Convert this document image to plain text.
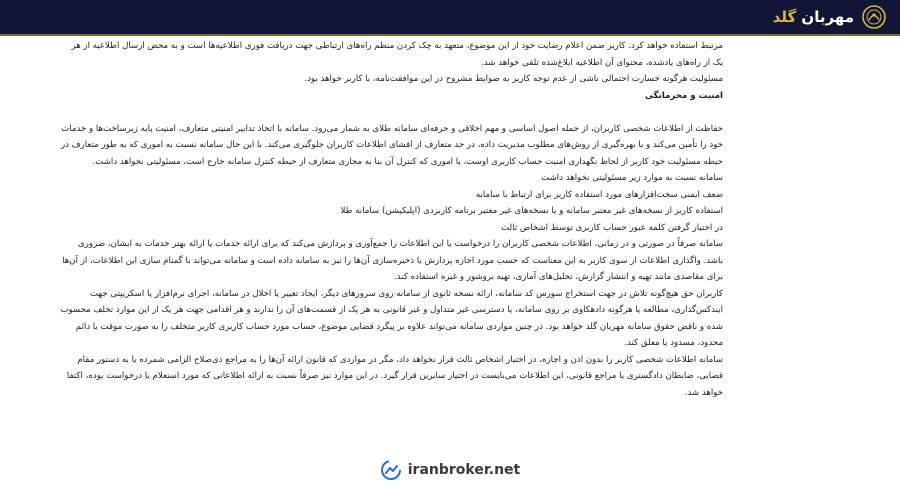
مهربان گلد

مرتبط استفاده خواهد کرد. کاربر ضمن اعلام رضایت خود از این موضوع، متعهد به چک کردن منظم راه‌های ارتباطی جهت دریافت فوری اطلاعیه‌ها است و به محض ارسال اطلاعیه از هر یک از راه‌های یادشده، محتوای آن اطلاعیه ابلاغ‌شده تلقی خواهد شد.

مسئولیت هرگونه خسارت احتمالی ناشی از عدم توجه کاربر به ضوابط مشروح در این موافقت‌نامه، با کاربر خواهد بود.

امنیت و محرمانگی

حفاظت از اطلاعات شخصی کاربران، از جمله اصول اساسی و مهم اخلاقی و حرفه‌ای سامانه طلای به شمار می‌رود. سامانه با اتخاذ تدابیر امنیتی متعارف، امنیت پایه زیرساخت‌ها و خدمات خود را تأمین می‌کند و با بهره‌گیری از روش‌های مطلوب مدیریت داده، در حد متعارف از افشای اطلاعات کاربران جلوگیری می‌کند. با این حال سامانه نسبت به اموری که به طور متعارف در حیطه مسئولیت خود کاربر از لحاظ نگهداری امنیت حساب کاربری اوست، یا اموری که کنترل آن بنا به مجاری متعارف از حیطه کنترل سامانه خارج است، مسئولیتی نخواهد داشت.

سامانه نسبت به موارد زیر مسئولیتی نخواهد داشت

ضعف ایمنی سخت‌افزارهای مورد استفاده کاربر برای ارتباط با سامانه

استفاده کاربر از نسخه‌های غیر معتبر سامانه و یا نسخه‌های غیر معتبر برنامه کاربردی (اپلیکیشن) سامانه طلا

در اختیار گرفتن کلمه عبور حساب کاربری توسط اشخاص ثالث

سامانه صرفاً در صورتی و در زمانی، اطلاعات شخصی کاربران را درخواست یا این اطلاعات را جمع‌آوری و پردازش می‌کند که برای ارائه خدمات یا ارائه بهتر خدمات به ایشان، ضروری باشد. واگذاری اطلاعات از سوی کاربر به این معناست که حسب مورد اجازه پردازش یا ذخیره‌سازی آن‌ها را نیز به سامانه داده است و سامانه می‌تواند با گمنام سازی این اطلاعات، از آن‌ها برای مقاصدی مانند تهیه و انتشار گزارش، تحلیل‌های آماری، تهیه بروشور و غیره استفاده کند.

کاربران حق هیچ‌گونه تلاش در جهت استخراج سورس کد سامانه، ارائه نسخه ثانوی از سامانه روی سرورهای دیگر، ایجاد تغییر یا اخلال در سامانه، اجرای نرم‌افزار یا اسکریپتی جهت ایندکس‌گذاری، مطالعه یا هرگونه دادهکاوی بر روی سامانه، یا دسترسی غیر متداول و غیر قانونی به هر یک از قسمت‌های آن را ندارند و هر اقدامی جهت هر یک از این موارد تخلف محسوب شده و ناقض حقوق سامانه مهربان گلد خواهد بود. در چنین مواردی سامانه می‌تواند علاوه بر پیگرد قضایی موضوع، حساب مورد حساب کاربری کاربر متخلف را به صورت موقت یا دائم محدود، مسدود یا معلق کند.

سامانه اطلاعات شخصی کاربر را بدون اذن و اجازه، در اختیار اشخاص ثالث قرار نخواهد داد، مگر در مواردی که قانون ارائه آن‌ها را به مراجع ذی‌صلاح الزامی شمرده یا به دستور مقام قضایی، ضابطان دادگستری یا مراجع قانونی، این اطلاعات می‌بایست در اختیار سایرین قرار گیرد. در این موارد نیز صرفاً نسبت به ارائه اطلاعاتی که مورد استعلام یا درخواست بوده، اکتفا خواهد شد.

iranbroker.net
